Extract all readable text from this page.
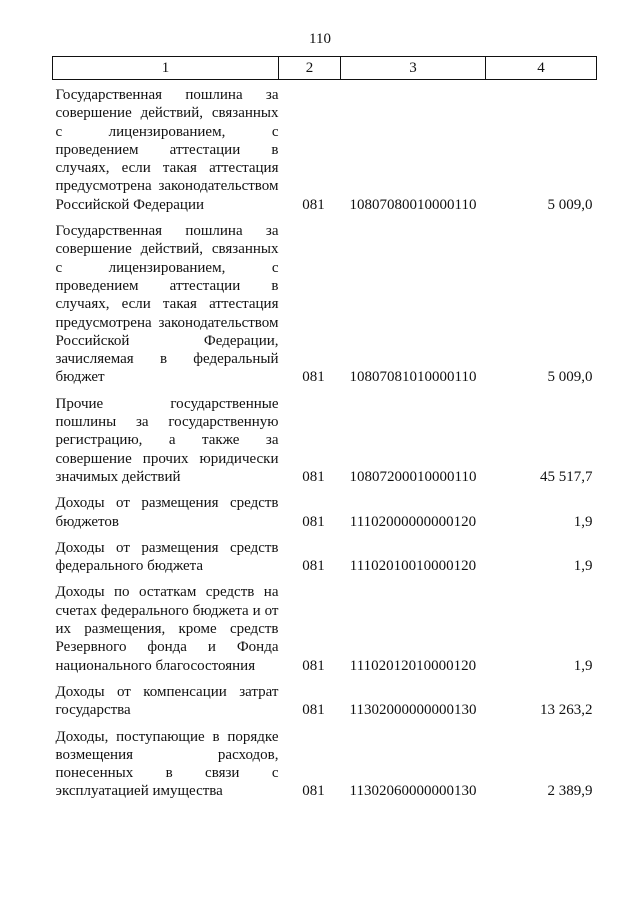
110
1	2	3	4
Государственная пошлина за совершение действий, связанных с лицензированием, с проведением аттестации в случаях, если такая аттестация предусмотрена законодательством Российской Федерации	081	10807080010000110	5 009,0
Государственная пошлина за совершение действий, связанных с лицензированием, с проведением аттестации в случаях, если такая аттестация предусмотрена законодательством Российской Федерации, зачисляемая в федеральный бюджет	081	10807081010000110	5 009,0
Прочие государственные пошлины за государственную регистрацию, а также за совершение прочих юридически значимых действий	081	10807200010000110	45 517,7
Доходы от размещения средств бюджетов	081	11102000000000120	1,9
Доходы от размещения средств федерального бюджета	081	11102010010000120	1,9
Доходы по остаткам средств на счетах федерального бюджета и от их размещения, кроме средств Резервного фонда и Фонда национального благосостояния	081	11102012010000120	1,9
Доходы от компенсации затрат государства	081	11302000000000130	13 263,2
Доходы, поступающие в порядке возмещения расходов, понесенных в связи с эксплуатацией имущества	081	11302060000000130	2 389,9
